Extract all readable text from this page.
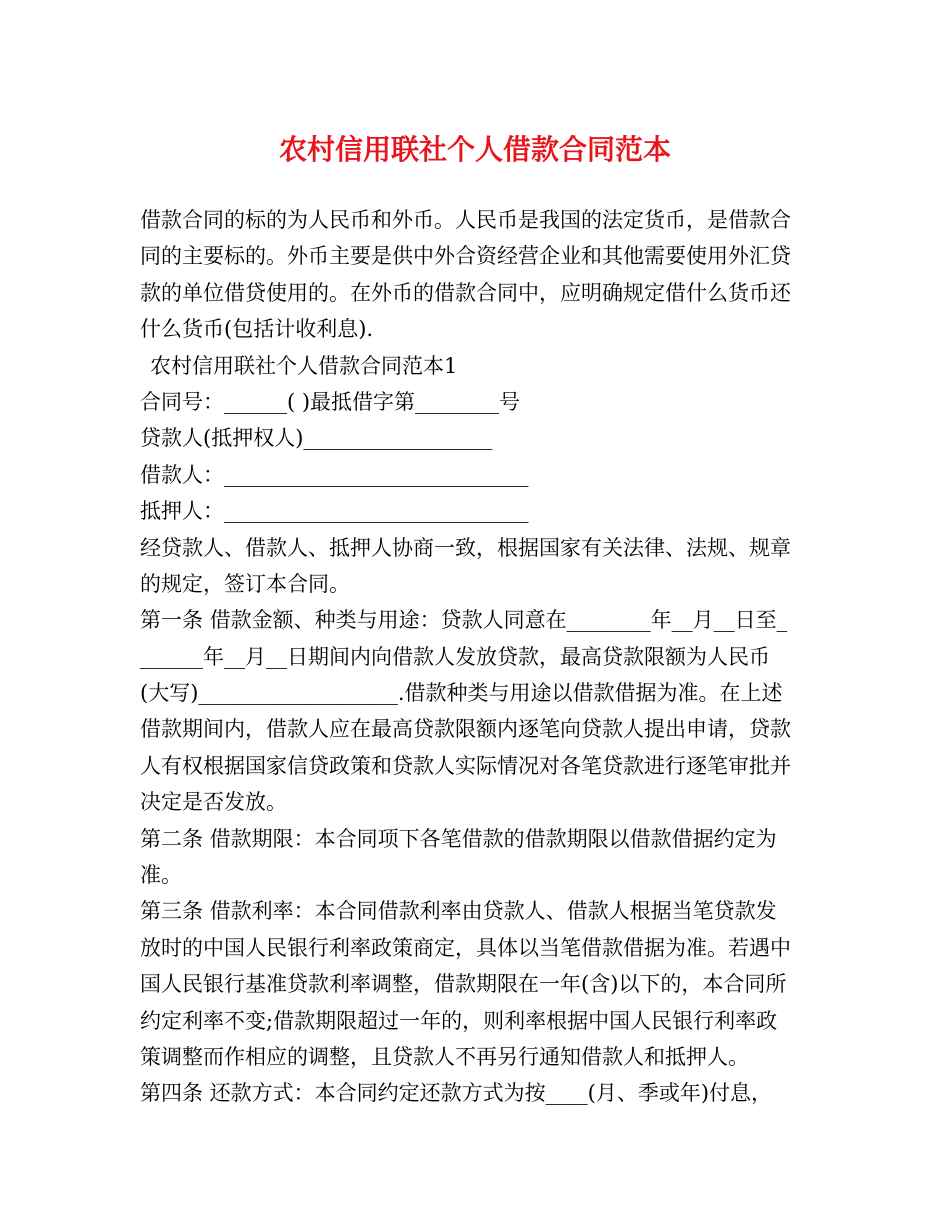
农村信用联社个人借款合同范本
借款合同的标的为人民币和外币。人民币是我国的法定货币，是借款合
同的主要标的。外币主要是供中外合资经营企业和其他需要使用外汇贷
款的单位借贷使用的。在外币的借款合同中，应明确规定借什么货币还
什么货币(包括计收利息).
农村信用联社个人借款合同范本1
合同号：______( )最抵借字第________号
贷款人(抵押权人)__________________
借款人：_____________________________
抵押人：_____________________________
经贷款人、借款人、抵押人协商一致，根据国家有关法律、法规、规章
的规定，签订本合同。
第一条 借款金额、种类与用途：贷款人同意在________年__月__日至_
______年__月__日期间内向借款人发放贷款，最高贷款限额为人民币
(大写)___________________.借款种类与用途以借款借据为准。在上述
借款期间内，借款人应在最高贷款限额内逐笔向贷款人提出申请，贷款
人有权根据国家信贷政策和贷款人实际情况对各笔贷款进行逐笔审批并
决定是否发放。
第二条 借款期限：本合同项下各笔借款的借款期限以借款借据约定为
准。
第三条 借款利率：本合同借款利率由贷款人、借款人根据当笔贷款发
放时的中国人民银行利率政策商定，具体以当笔借款借据为准。若遇中
国人民银行基准贷款利率调整，借款期限在一年(含)以下的，本合同所
约定利率不变;借款期限超过一年的，则利率根据中国人民银行利率政
策调整而作相应的调整，且贷款人不再另行通知借款人和抵押人。
第四条 还款方式：本合同约定还款方式为按____(月、季或年)付息，
